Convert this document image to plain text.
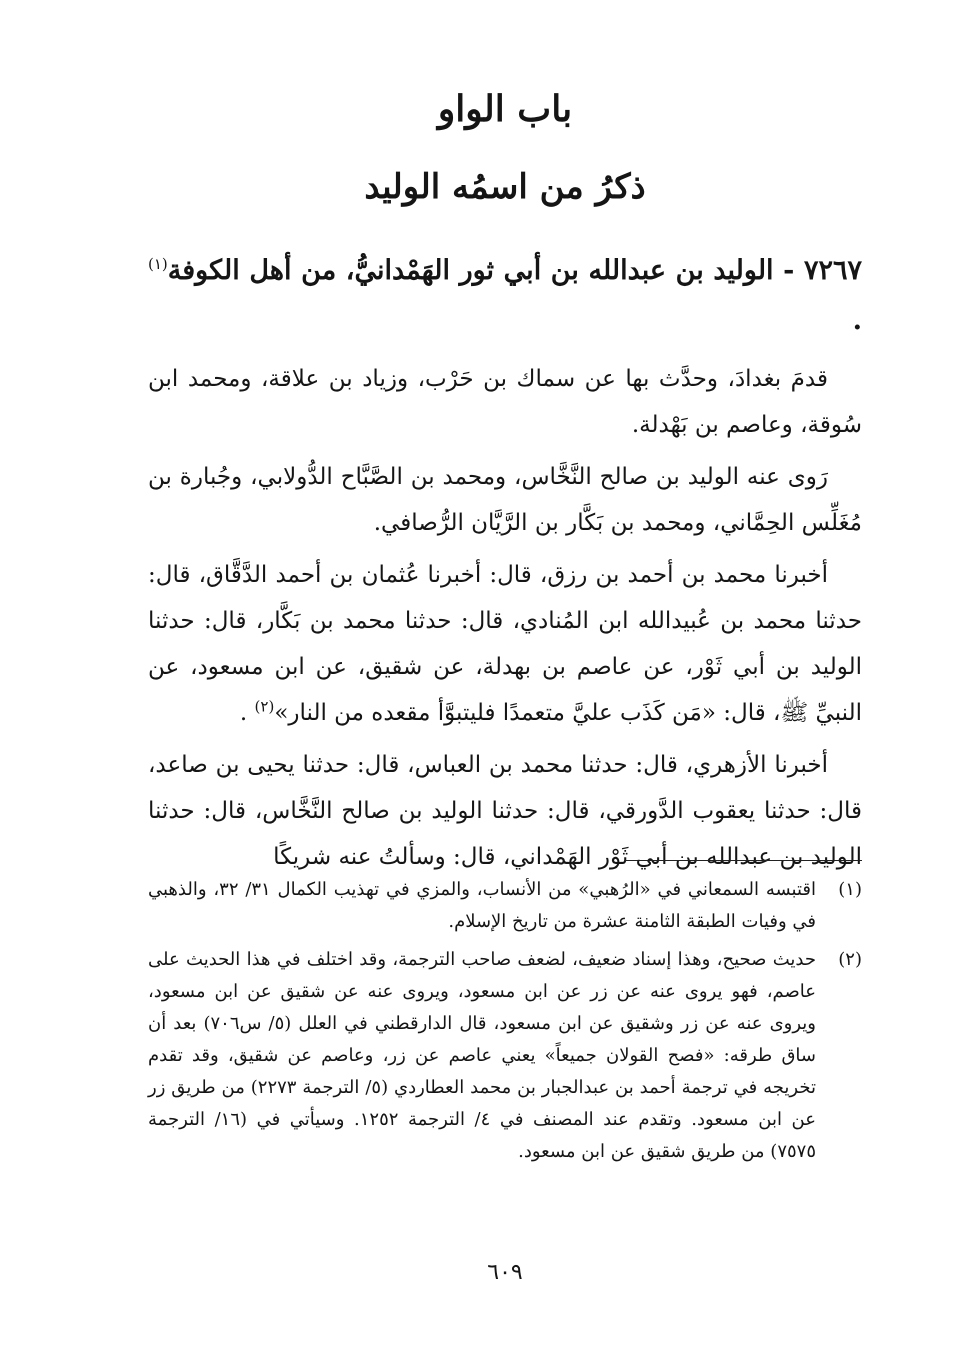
باب الواو
ذكرُ من اسمُه الوليد

٧٢٦٧ - الوليد بن عبدالله بن أبي ثور الهَمْدانيُّ، من أهل الكوفة$^{(١)}$ .

قدمَ بغدادَ، وحدَّث بها عن سماك بن حَرْب، وزياد بن علاقة، ومحمد ابن سُوقة، وعاصم بن بَهْدلة.

رَوى عنه الوليد بن صالح النَّخَّاس، ومحمد بن الصَّبَّاح الدُّولابي، وجُبارة بن مُغَلِّس الحِمَّاني، ومحمد بن بَكَّار بن الرَّيَّان الرُّصافي.

أخبرنا محمد بن أحمد بن رزق، قال: أخبرنا عُثمان بن أحمد الدَّقَّاق، قال: حدثنا محمد بن عُبيدالله ابن المُنادي، قال: حدثنا محمد بن بَكَّار، قال: حدثنا الوليد بن أبي ثَوْر، عن عاصم بن بهدلة، عن شقيق، عن ابن مسعود، عن النبيِّ ﷺ، قال: «مَن كَذَب عليَّ متعمدًا فليتبوَّأ مقعده من النار»$^{(٢)}$ .

أخبرنا الأزهري، قال: حدثنا محمد بن العباس، قال: حدثنا يحيى بن صاعد، قال: حدثنا يعقوب الدَّورقي، قال: حدثنا الوليد بن صالح النَّخَّاس، قال: حدثنا الوليد بن عبدالله بن أبي ثَوْر الهَمْداني، قال: وسألتُ عنه شريكًا

(١)
اقتبسه السمعاني في «الرُهبي» من الأنساب، والمزي في تهذيب الكمال ٣١/ ٣٢، والذهبي في وفيات الطبقة الثامنة عشرة من تاريخ الإسلام.
(٢)
حديث صحيح، وهذا إسناد ضعيف، لضعف صاحب الترجمة، وقد اختلف في هذا الحديث على عاصم، فهو يروى عنه عن زر عن ابن مسعود، ويروى عنه عن شقيق عن ابن مسعود، ويروى عنه عن زر وشقيق عن ابن مسعود، قال الدارقطني في العلل (٥/ س٧٠٦) بعد أن ساق طرقه: «فصح القولان جميعاً» يعني عاصم عن زر، وعاصم عن شقيق، وقد تقدم تخريجه في ترجمة أحمد بن عبدالجبار بن محمد العطاردي (٥/ الترجمة ٢٢٧٣) من طريق زر عن ابن مسعود. وتقدم عند المصنف في ٤/ الترجمة ١٢٥٢. وسيأتي في (١٦/ الترجمة ٧٥٧٥) من طريق شقيق عن ابن مسعود.
٦٠٩
